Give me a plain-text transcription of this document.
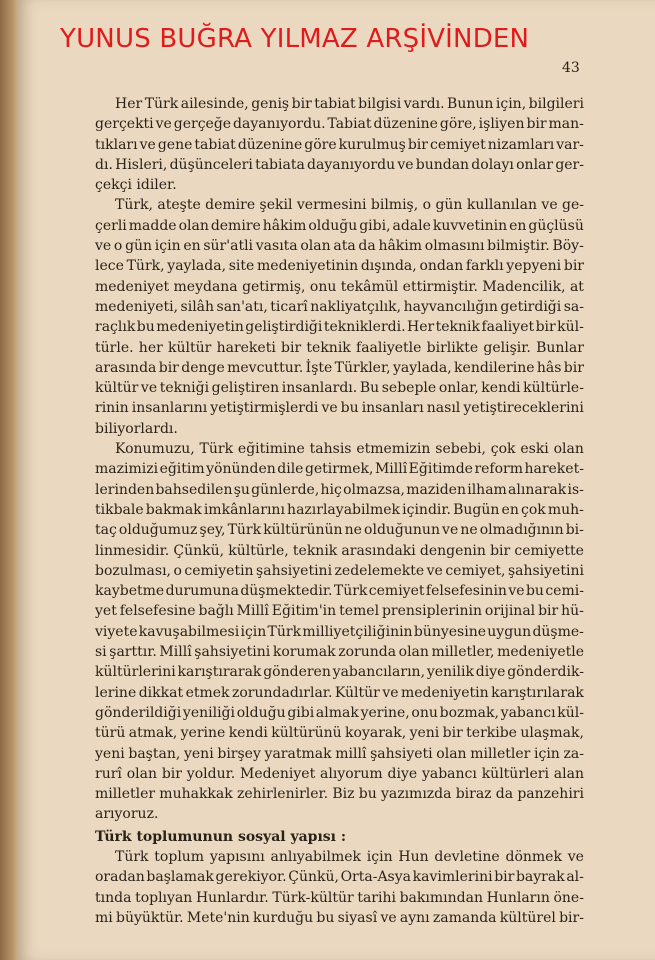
YUNUS BUĞRA YILMAZ ARŞİVİNDEN
43
Her Türk ailesinde, geniş bir tabiat bilgisi vardı. Bunun için, bilgileri
gerçekti ve gerçeğe dayanıyordu. Tabiat düzenine göre, işliyen bir man-
tıkları ve gene tabiat düzenine göre kurulmuş bir cemiyet nizamları var-
dı. Hisleri, düşünceleri tabiata dayanıyordu ve bundan dolayı onlar ger-
çekçi idiler.
Türk, ateşte demire şekil vermesini bilmiş, o gün kullanılan ve ge-
çerli madde olan demire hâkim olduğu gibi, adale kuvvetinin en güçlüsü
ve o gün için en sür'atli vasıta olan ata da hâkim olmasını bilmiştir. Böy-
lece Türk, yaylada, site medeniyetinin dışında, ondan farklı yepyeni bir
medeniyet meydana getirmiş, onu tekâmül ettirmiştir. Madencilik, at
medeniyeti, silâh san'atı, ticarî nakliyatçılık, hayvancılığın getirdiği sa-
raçlık bu medeniyetin geliştirdiği tekniklerdi. Her teknik faaliyet bir kül-
türle. her kültür hareketi bir teknik faaliyetle birlikte gelişir. Bunlar
arasında bir denge mevcuttur. İşte Türkler, yaylada, kendilerine hâs bir
kültür ve tekniği geliştiren insanlardı. Bu sebeple onlar, kendi kültürle-
rinin insanlarını yetiştirmişlerdi ve bu insanları nasıl yetiştireceklerini
biliyorlardı.
Konumuzu, Türk eğitimine tahsis etmemizin sebebi, çok eski olan
mazimizi eğitim yönünden dile getirmek, Millî Eğitimde reform hareket-
lerinden bahsedilen şu günlerde, hiç olmazsa, maziden ilham alınarak is-
tikbale bakmak imkânlarını hazırlayabilmek içindir. Bugün en çok muh-
taç olduğumuz şey, Türk kültürünün ne olduğunun ve ne olmadığının bi-
linmesidir. Çünkü, kültürle, teknik arasındaki dengenin bir cemiyette
bozulması, o cemiyetin şahsiyetini zedelemekte ve cemiyet, şahsiyetini
kaybetme durumuna düşmektedir. Türk cemiyet felsefesinin ve bu cemi-
yet felsefesine bağlı Millî Eğitim'in temel prensiplerinin orijinal bir hü-
viyete kavuşabilmesi için Türk milliyetçiliğinin bünyesine uygun düşme-
si şarttır. Millî şahsiyetini korumak zorunda olan milletler, medeniyetle
kültürlerini karıştırarak gönderen yabancıların, yenilik diye gönderdik-
lerine dikkat etmek zorundadırlar. Kültür ve medeniyetin karıştırılarak
gönderildiği yeniliği olduğu gibi almak yerine, onu bozmak, yabancı kül-
türü atmak, yerine kendi kültürünü koyarak, yeni bir terkibe ulaşmak,
yeni baştan, yeni birşey yaratmak millî şahsiyeti olan milletler için za-
rurî olan bir yoldur. Medeniyet alıyorum diye yabancı kültürleri alan
milletler muhakkak zehirlenirler. Biz bu yazımızda biraz da panzehiri
arıyoruz.
Türk toplumunun sosyal yapısı :
Türk toplum yapısını anlıyabilmek için Hun devletine dönmek ve
oradan başlamak gerekiyor. Çünkü, Orta-Asya kavimlerini bir bayrak al-
tında toplıyan Hunlardır. Türk-kültür tarihi bakımından Hunların öne-
mi büyüktür. Mete'nin kurduğu bu siyasî ve aynı zamanda kültürel bir-
